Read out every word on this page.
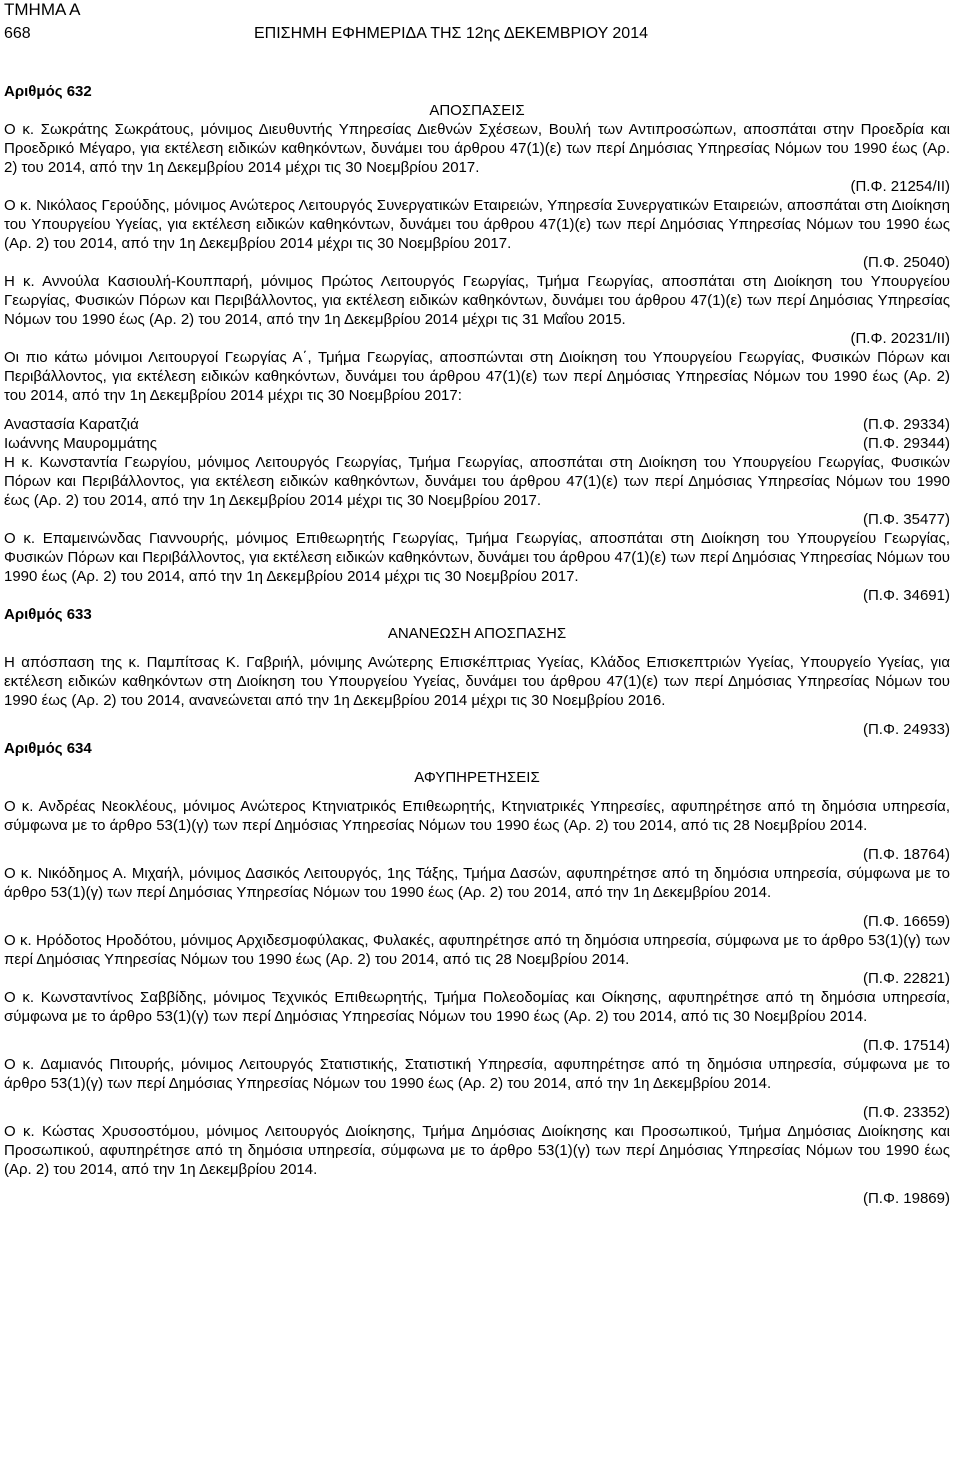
ΤΜΗΜΑ Α
668	ΕΠΙΣΗΜΗ ΕΦΗΜΕΡΙΔΑ ΤΗΣ 12ης ΔΕΚΕΜΒΡΙΟΥ 2014

Αριθμός 632

ΑΠΟΣΠΑΣΕΙΣ

Ο κ. Σωκράτης Σωκράτους, μόνιμος Διευθυντής Υπηρεσίας Διεθνών Σχέσεων, Βουλή των Αντιπροσώπων, αποσπάται στην Προεδρία και Προεδρικό Μέγαρο, για εκτέλεση ειδικών καθηκόντων, δυνάμει του άρθρου 47(1)(ε) των περί Δημόσιας Υπηρεσίας Νόμων του 1990 έως (Αρ. 2) του 2014, από την 1η Δεκεμβρίου 2014 μέχρι τις 30 Νοεμβρίου 2017.

(Π.Φ. 21254/ΙΙ)

Ο κ. Νικόλαος Γερούδης, μόνιμος Ανώτερος Λειτουργός Συνεργατικών Εταιρειών, Υπηρεσία Συνεργατικών Εταιρειών, αποσπάται στη Διοίκηση του Υπουργείου Υγείας, για εκτέλεση ειδικών καθηκόντων, δυνάμει του άρθρου 47(1)(ε) των περί Δημόσιας Υπηρεσίας Νόμων του 1990 έως (Αρ. 2) του 2014, από την 1η Δεκεμβρίου 2014 μέχρι τις 30 Νοεμβρίου 2017.

(Π.Φ. 25040)

Η κ. Αννούλα Κασιουλή-Κουππαρή, μόνιμος Πρώτος Λειτουργός Γεωργίας, Τμήμα Γεωργίας, αποσπάται στη Διοίκηση του Υπουργείου Γεωργίας, Φυσικών Πόρων και Περιβάλλοντος, για εκτέλεση ειδικών καθηκόντων, δυνάμει του άρθρου 47(1)(ε) των περί Δημόσιας Υπηρεσίας Νόμων του 1990 έως (Αρ. 2) του 2014, από την 1η Δεκεμβρίου 2014 μέχρι τις 31 Μαΐου 2015.

(Π.Φ. 20231/ΙΙ)

Οι πιο κάτω μόνιμοι Λειτουργοί Γεωργίας Α΄, Τμήμα Γεωργίας, αποσπώνται στη Διοίκηση του Υπουργείου Γεωργίας, Φυσικών Πόρων και Περιβάλλοντος, για εκτέλεση ειδικών καθηκόντων, δυνάμει του άρθρου 47(1)(ε) των περί Δημόσιας Υπηρεσίας Νόμων του 1990 έως (Αρ. 2) του 2014, από την 1η Δεκεμβρίου 2014 μέχρι τις 30 Νοεμβρίου 2017:

Αναστασία Καρατζιά	(Π.Φ. 29334)
Ιωάννης Μαυρομμάτης	(Π.Φ. 29344)

Η κ. Κωνσταντία Γεωργίου, μόνιμος Λειτουργός Γεωργίας, Τμήμα Γεωργίας, αποσπάται στη Διοίκηση του Υπουργείου Γεωργίας, Φυσικών Πόρων και Περιβάλλοντος, για εκτέλεση ειδικών καθηκόντων, δυνάμει του άρθρου 47(1)(ε) των περί Δημόσιας Υπηρεσίας Νόμων του 1990 έως (Αρ. 2) του 2014, από την 1η Δεκεμβρίου 2014 μέχρι τις 30 Νοεμβρίου 2017.

(Π.Φ. 35477)

Ο κ. Επαμεινώνδας Γιαννουρής, μόνιμος Επιθεωρητής Γεωργίας, Τμήμα Γεωργίας, αποσπάται στη Διοίκηση του Υπουργείου Γεωργίας, Φυσικών Πόρων και Περιβάλλοντος, για εκτέλεση ειδικών καθηκόντων, δυνάμει του άρθρου 47(1)(ε) των περί Δημόσιας Υπηρεσίας Νόμων του 1990 έως (Αρ. 2) του 2014, από την 1η Δεκεμβρίου 2014 μέχρι τις 30 Νοεμβρίου 2017.

(Π.Φ. 34691)

Αριθμός 633

ΑΝΑΝΕΩΣΗ ΑΠΟΣΠΑΣΗΣ

Η απόσπαση της κ. Παμπίτσας Κ. Γαβριήλ, μόνιμης Ανώτερης Επισκέπτριας Υγείας, Κλάδος Επισκεπτριών Υγείας, Υπουργείο Υγείας, για εκτέλεση ειδικών καθηκόντων στη Διοίκηση του Υπουργείου Υγείας, δυνάμει του άρθρου 47(1)(ε) των περί Δημόσιας Υπηρεσίας Νόμων του 1990 έως (Αρ. 2) του 2014, ανανεώνεται από την 1η Δεκεμβρίου 2014 μέχρι τις 30 Νοεμβρίου 2016.

(Π.Φ. 24933)

Αριθμός 634

ΑΦΥΠΗΡΕΤΗΣΕΙΣ

Ο κ. Ανδρέας Νεοκλέους, μόνιμος Ανώτερος Κτηνιατρικός Επιθεωρητής, Κτηνιατρικές Υπηρεσίες, αφυπηρέτησε από τη δημόσια υπηρεσία, σύμφωνα με το άρθρο 53(1)(γ) των περί Δημόσιας Υπηρεσίας Νόμων του 1990 έως (Αρ. 2) του 2014, από τις 28 Νοεμβρίου 2014.

(Π.Φ. 18764)

Ο κ. Νικόδημος Α. Μιχαήλ, μόνιμος Δασικός Λειτουργός, 1ης Τάξης, Τμήμα Δασών, αφυπηρέτησε από τη δημόσια υπηρεσία, σύμφωνα με το άρθρο 53(1)(γ) των περί Δημόσιας Υπηρεσίας Νόμων του 1990 έως (Αρ. 2) του 2014, από την 1η Δεκεμβρίου 2014.

(Π.Φ. 16659)

Ο κ. Ηρόδοτος Ηροδότου, μόνιμος Αρχιδεσμοφύλακας, Φυλακές, αφυπηρέτησε από τη δημόσια υπηρεσία, σύμφωνα με το άρθρο 53(1)(γ) των περί Δημόσιας Υπηρεσίας Νόμων του 1990 έως (Αρ. 2) του 2014, από τις 28 Νοεμβρίου 2014.

(Π.Φ. 22821)

Ο κ. Κωνσταντίνος Σαββίδης, μόνιμος Τεχνικός Επιθεωρητής, Τμήμα Πολεοδομίας και Οίκησης, αφυπηρέτησε από τη δημόσια υπηρεσία, σύμφωνα με το άρθρο 53(1)(γ) των περί Δημόσιας Υπηρεσίας Νόμων του 1990 έως (Αρ. 2) του 2014, από τις 30 Νοεμβρίου 2014.

(Π.Φ. 17514)

Ο κ. Δαμιανός Πιτουρής, μόνιμος Λειτουργός Στατιστικής, Στατιστική Υπηρεσία, αφυπηρέτησε από τη δημόσια υπηρεσία, σύμφωνα με το άρθρο 53(1)(γ) των περί Δημόσιας Υπηρεσίας Νόμων του 1990 έως (Αρ. 2) του 2014, από την 1η Δεκεμβρίου 2014.

(Π.Φ. 23352)

Ο κ. Κώστας Χρυσοστόμου, μόνιμος Λειτουργός Διοίκησης, Τμήμα Δημόσιας Διοίκησης και Προσωπικού, Τμήμα Δημόσιας Διοίκησης και Προσωπικού, αφυπηρέτησε από τη δημόσια υπηρεσία, σύμφωνα με το άρθρο 53(1)(γ) των περί Δημόσιας Υπηρεσίας Νόμων του 1990 έως (Αρ. 2) του 2014, από την 1η Δεκεμβρίου 2014.

(Π.Φ. 19869)
